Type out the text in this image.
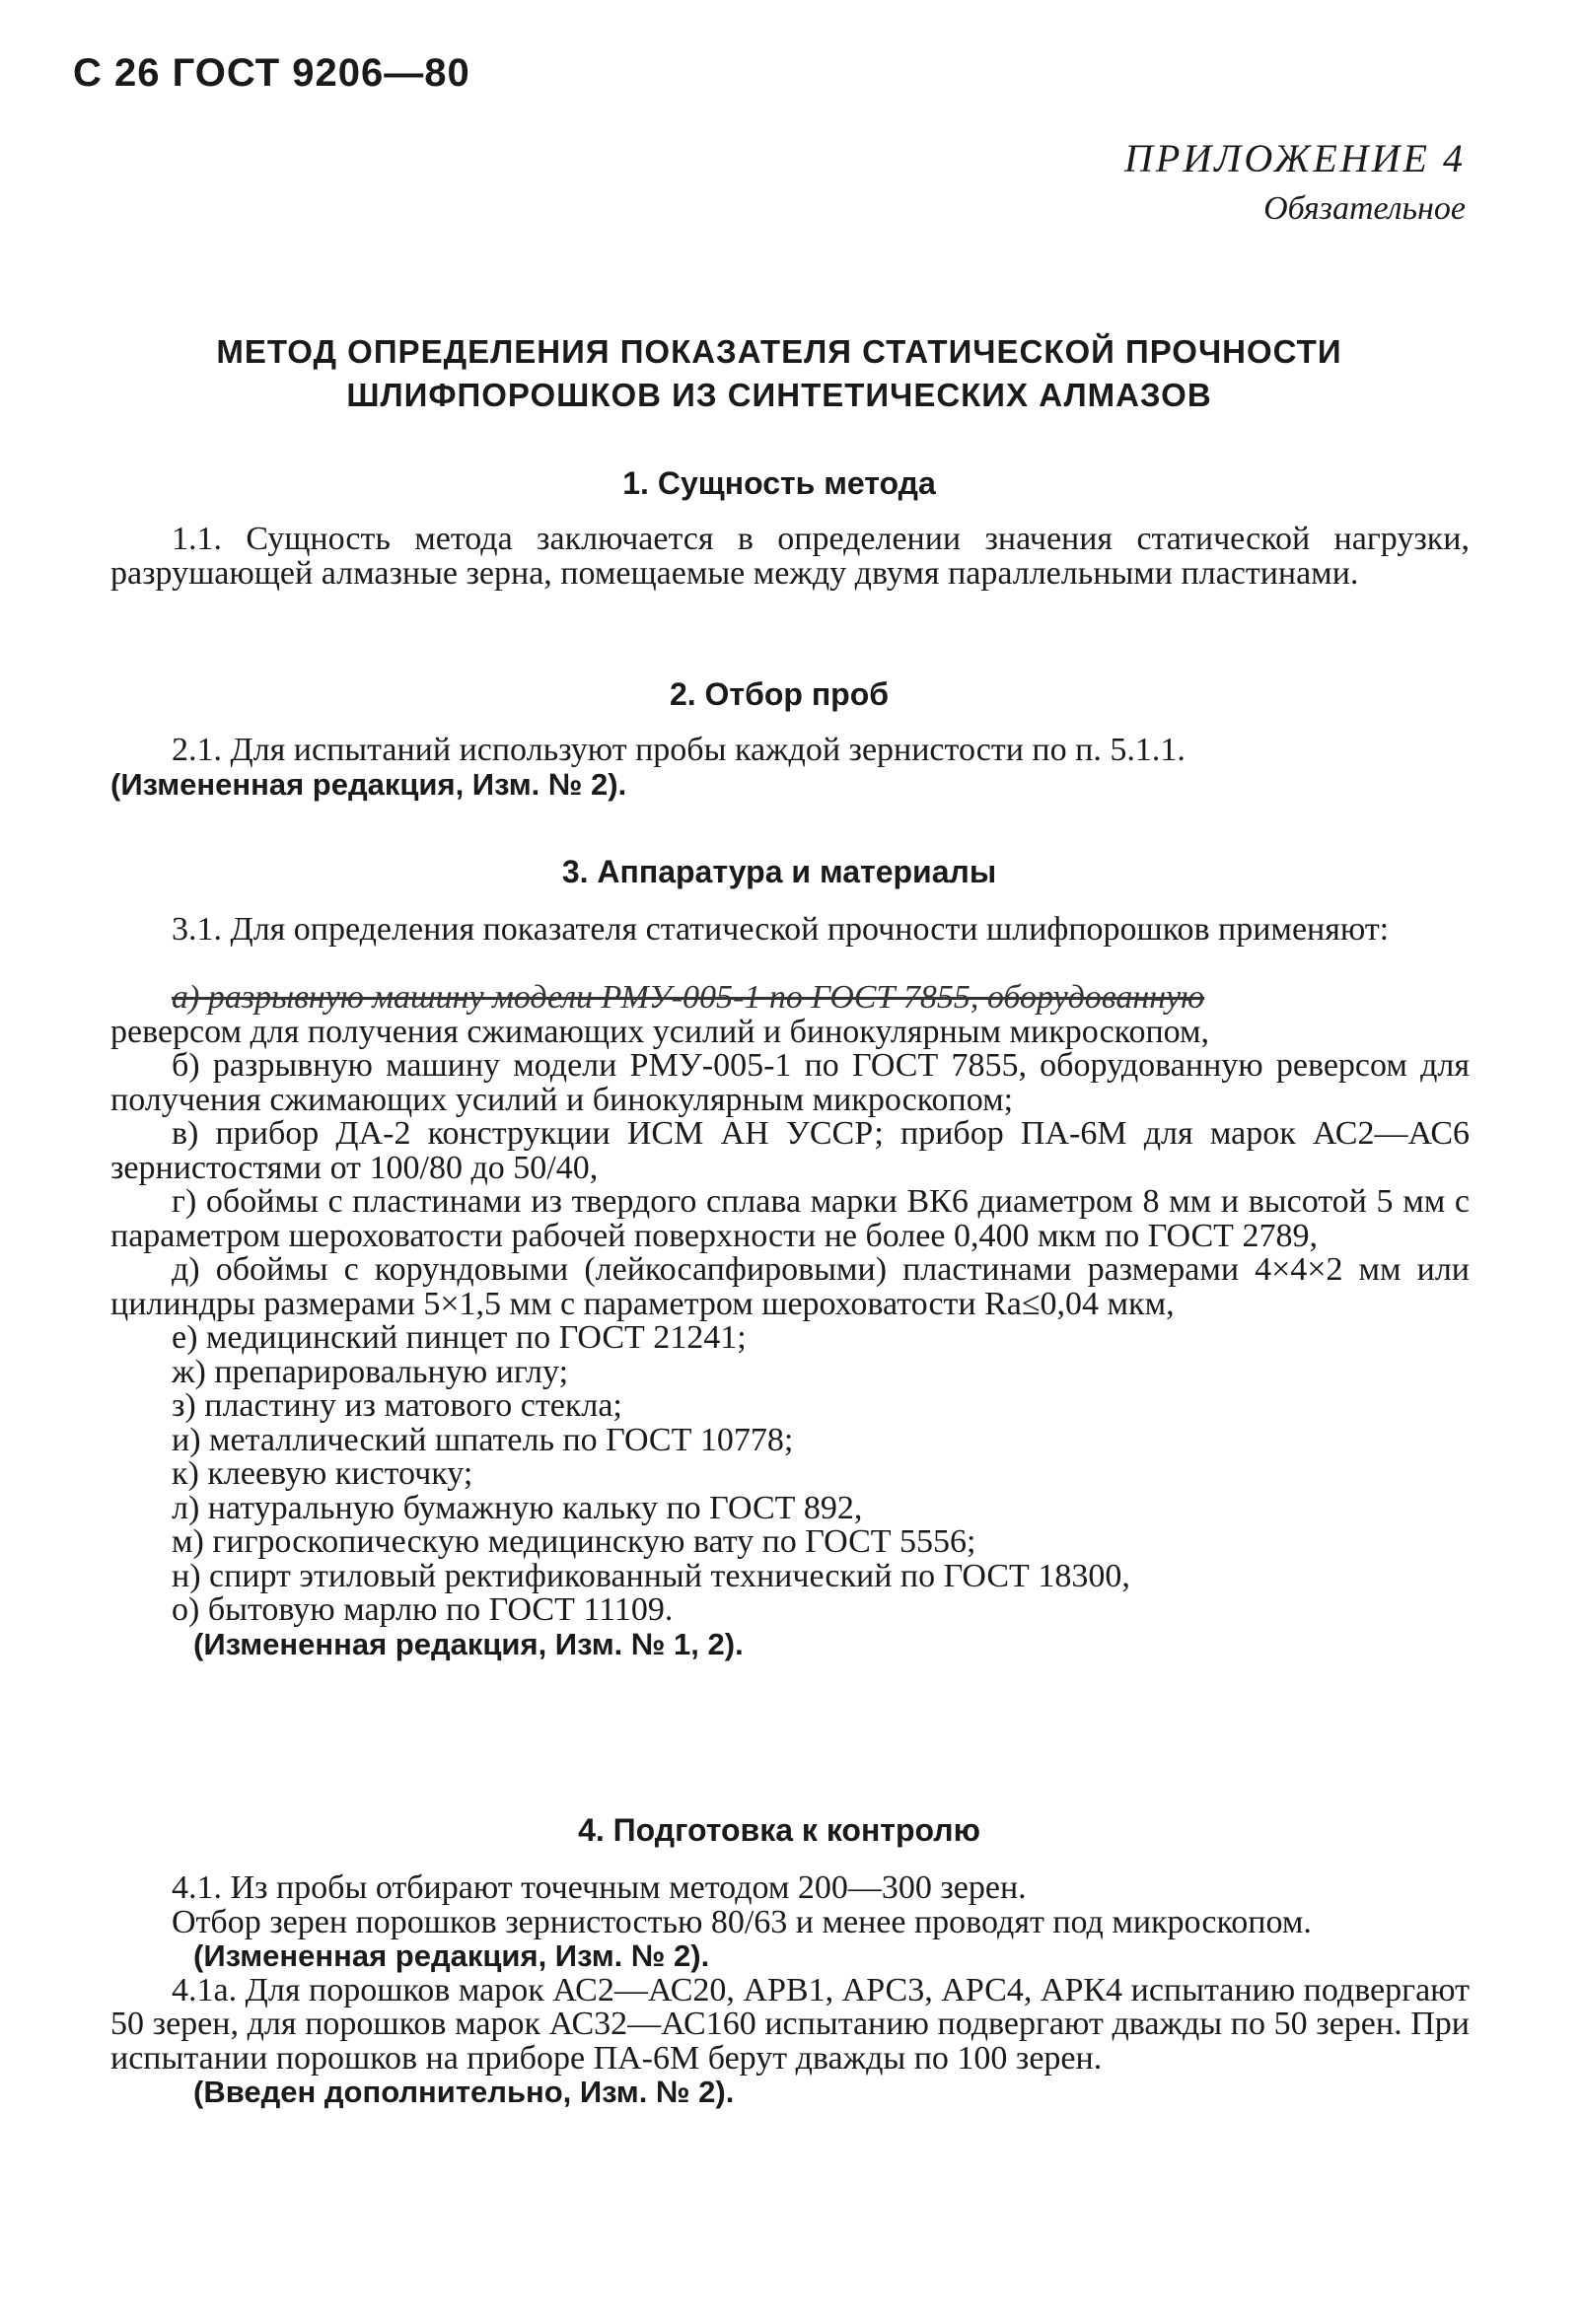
С 26 ГОСТ 9206—80
ПРИЛОЖЕНИЕ 4
Обязательное
МЕТОД ОПРЕДЕЛЕНИЯ ПОКАЗАТЕЛЯ СТАТИЧЕСКОЙ ПРОЧНОСТИ
ШЛИФПОРОШКОВ ИЗ СИНТЕТИЧЕСКИХ АЛМАЗОВ
1. Сущность метода
1.1. Сущность метода заключается в определении значения статической нагрузки, разрушающей алмазные зерна, помещаемые между двумя параллельными пластинами.
2. Отбор проб
2.1. Для испытаний используют пробы каждой зернистости по п. 5.1.1.
(Измененная редакция, Изм. № 2).
3. Аппаратура и материалы
3.1. Для определения показателя статической прочности шлифпорошков применяют:
а) разрывную машину модели РМУ-005-1 по ГОСТ 7855, оборудованную
реверсом для получения сжимающих усилий и бинокулярным микроскопом,
б) разрывную машину модели РМУ-005-1 по ГОСТ 7855, оборудованную реверсом для получения сжимающих усилий и бинокулярным микроскопом;
в) прибор ДА-2 конструкции ИСМ АН УССР; прибор ПА-6М для марок АС2—АС6 зернистостями от 100/80 до 50/40,
г) обоймы с пластинами из твердого сплава марки ВК6 диаметром 8 мм и высотой 5 мм с параметром шероховатости рабочей поверхности не более 0,400 мкм по ГОСТ 2789,
д) обоймы с корундовыми (лейкосапфировыми) пластинами размерами 4×4×2 мм или цилиндры размерами 5×1,5 мм с параметром шероховатости Ra≤0,04 мкм,
е) медицинский пинцет по ГОСТ 21241;
ж) препарировальную иглу;
з) пластину из матового стекла;
и) металлический шпатель по ГОСТ 10778;
к) клеевую кисточку;
л) натуральную бумажную кальку по ГОСТ 892,
м) гигроскопическую медицинскую вату по ГОСТ 5556;
н) спирт этиловый ректификованный технический по ГОСТ 18300,
о) бытовую марлю по ГОСТ 11109.
(Измененная редакция, Изм. № 1, 2).
4. Подготовка к контролю
4.1. Из пробы отбирают точечным методом 200—300 зерен.
Отбор зерен порошков зернистостью 80/63 и менее проводят под микроскопом.
(Измененная редакция, Изм. № 2).
4.1а. Для порошков марок АС2—АС20, АРВ1, АРС3, АРС4, АРК4 испытанию подвергают 50 зерен, для порошков марок АС32—АС160 испытанию подвергают дважды по 50 зерен. При испытании порошков на приборе ПА-6М берут дважды по 100 зерен.
(Введен дополнительно, Изм. № 2).
